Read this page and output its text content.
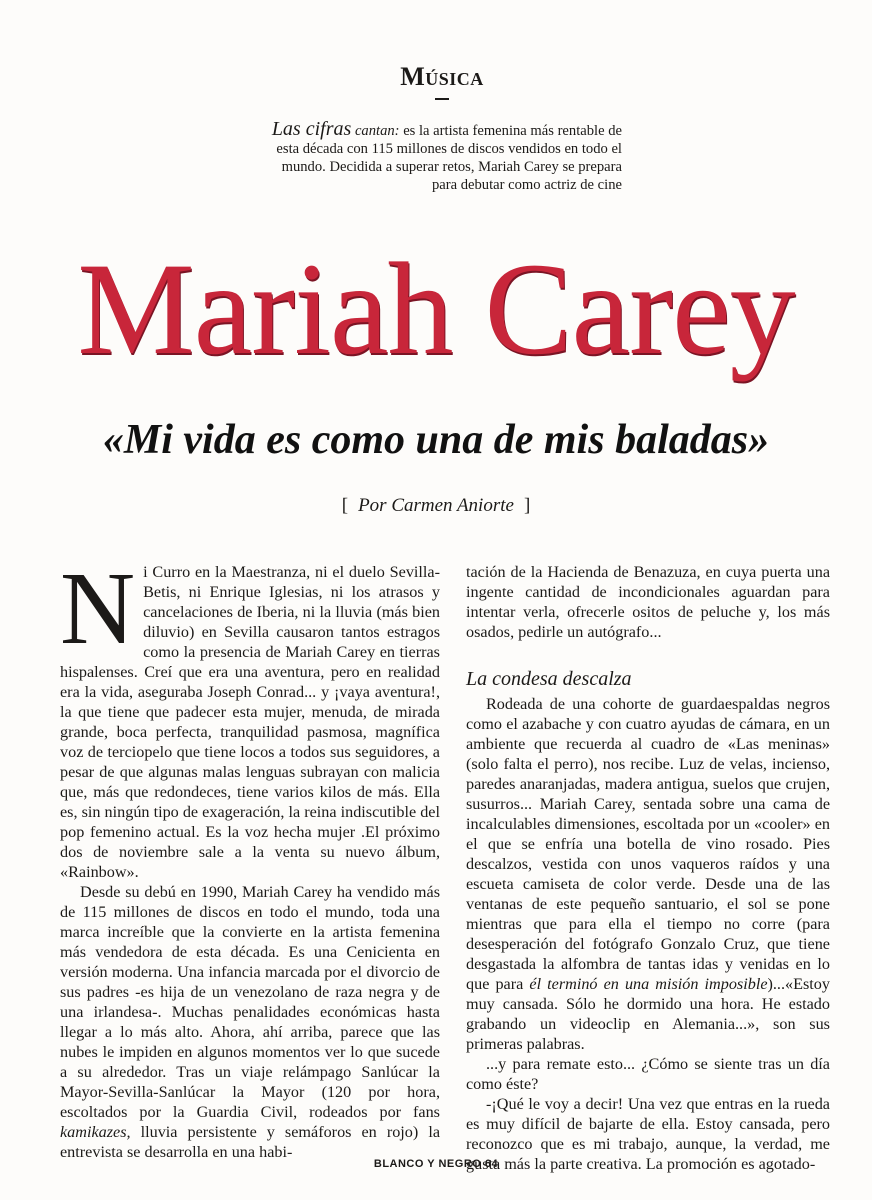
Música
Las cifras cantan: es la artista femenina más rentable de esta década con 115 millones de discos vendidos en todo el mundo. Decidida a superar retos, Mariah Carey se prepara para debutar como actriz de cine
Mariah Carey
«Mi vida es como una de mis baladas»
[ Por Carmen Aniorte ]

Ni Curro en la Maestranza, ni el duelo Sevilla-Betis, ni Enrique Iglesias, ni los atrasos y cancelaciones de Iberia, ni la lluvia (más bien diluvio) en Sevilla causaron tantos estragos como la presencia de Mariah Carey en tierras hispalenses. Creí que era una aventura, pero en realidad era la vida, aseguraba Joseph Conrad... y ¡vaya aventura!, la que tiene que padecer esta mujer, menuda, de mirada grande, boca perfecta, tranquilidad pasmosa, magnífica voz de terciopelo que tiene locos a todos sus seguidores, a pesar de que algunas malas lenguas subrayan con malicia que, más que redondeces, tiene varios kilos de más. Ella es, sin ningún tipo de exageración, la reina indiscutible del pop femenino actual. Es la voz hecha mujer .El próximo dos de noviembre sale a la venta su nuevo álbum, «Rainbow».

Desde su debú en 1990, Mariah Carey ha vendido más de 115 millones de discos en todo el mundo, toda una marca increíble que la convierte en la artista femenina más vendedora de esta década. Es una Cenicienta en versión moderna. Una infancia marcada por el divorcio de sus padres -es hija de un venezolano de raza negra y de una irlandesa-. Muchas penalidades económicas hasta llegar a lo más alto. Ahora, ahí arriba, parece que las nubes le impiden en algunos momentos ver lo que sucede a su alrededor. Tras un viaje relámpago Sanlúcar la Mayor-Sevilla-Sanlúcar la Mayor (120 por hora, escoltados por la Guardia Civil, rodeados por fans kamikazes, lluvia persistente y semáforos en rojo) la entrevista se desarrolla en una habi-

tación de la Hacienda de Benazuza, en cuya puerta una ingente cantidad de incondicionales aguardan para intentar verla, ofrecerle ositos de peluche y, los más osados, pedirle un autógrafo...

La condesa descalza

Rodeada de una cohorte de guardaespaldas negros como el azabache y con cuatro ayudas de cámara, en un ambiente que recuerda al cuadro de «Las meninas» (solo falta el perro), nos recibe. Luz de velas, incienso, paredes anaranjadas, madera antigua, suelos que crujen, susurros... Mariah Carey, sentada sobre una cama de incalculables dimensiones, escoltada por un «cooler» en el que se enfría una botella de vino rosado. Pies descalzos, vestida con unos vaqueros raídos y una escueta camiseta de color verde. Desde una de las ventanas de este pequeño santuario, el sol se pone mientras que para ella el tiempo no corre (para desesperación del fotógrafo Gonzalo Cruz, que tiene desgastada la alfombra de tantas idas y venidas en lo que para él terminó en una misión imposible)...«Estoy muy cansada. Sólo he dormido una hora. He estado grabando un videoclip en Alemania...», son sus primeras palabras.

...y para remate esto... ¿Cómo se siente tras un día como éste?

-¡Qué le voy a decir! Una vez que entras en la rueda es muy difícil de bajarte de ella. Estoy cansada, pero reconozco que es mi trabajo, aunque, la verdad, me gusta más la parte creativa. La promoción es agotado-

BLANCO Y NEGRO 64
